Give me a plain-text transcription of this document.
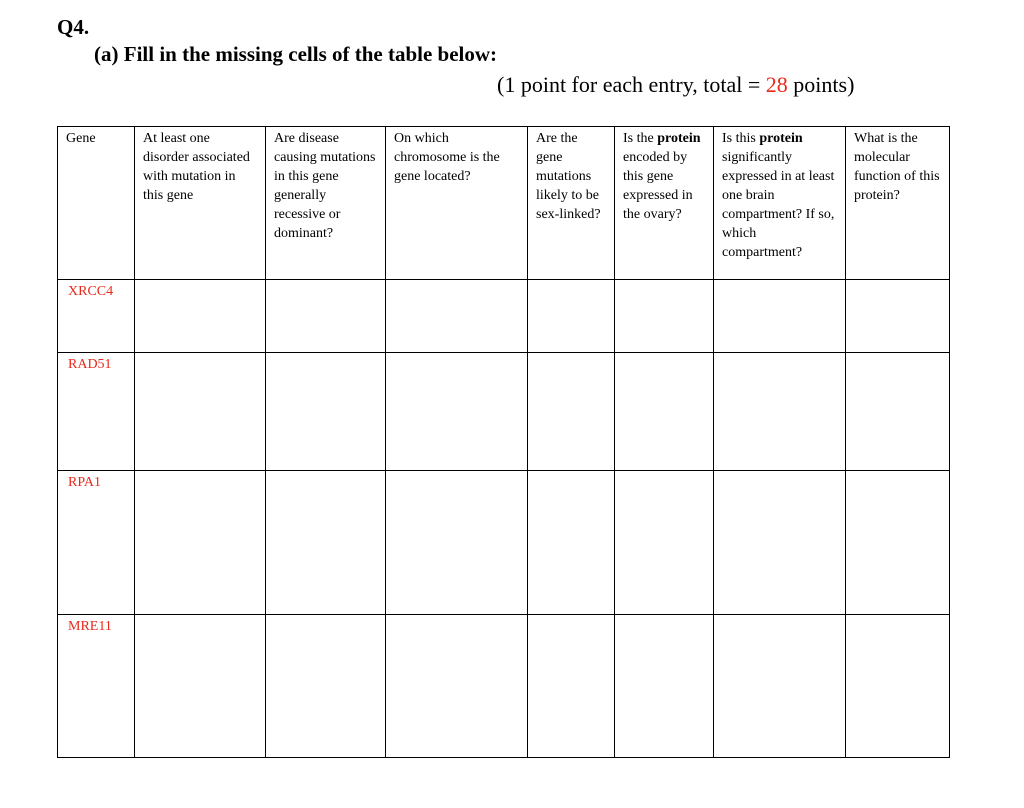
Q4.
(a) Fill in the missing cells of the table below:
(1 point for each entry, total = 28 points)
Gene	At least one disorder associated with mutation in this gene	Are disease causing mutations in this gene generally recessive or dominant?	On which chromosome is the gene located?	Are the gene mutations likely to be sex-linked?	Is the protein encoded by this gene expressed in the ovary?	Is this protein significantly expressed in at least one brain compartment? If so, which compartment?	What is the molecular function of this protein?
XRCC4							
RAD51							
RPA1							
MRE11							
